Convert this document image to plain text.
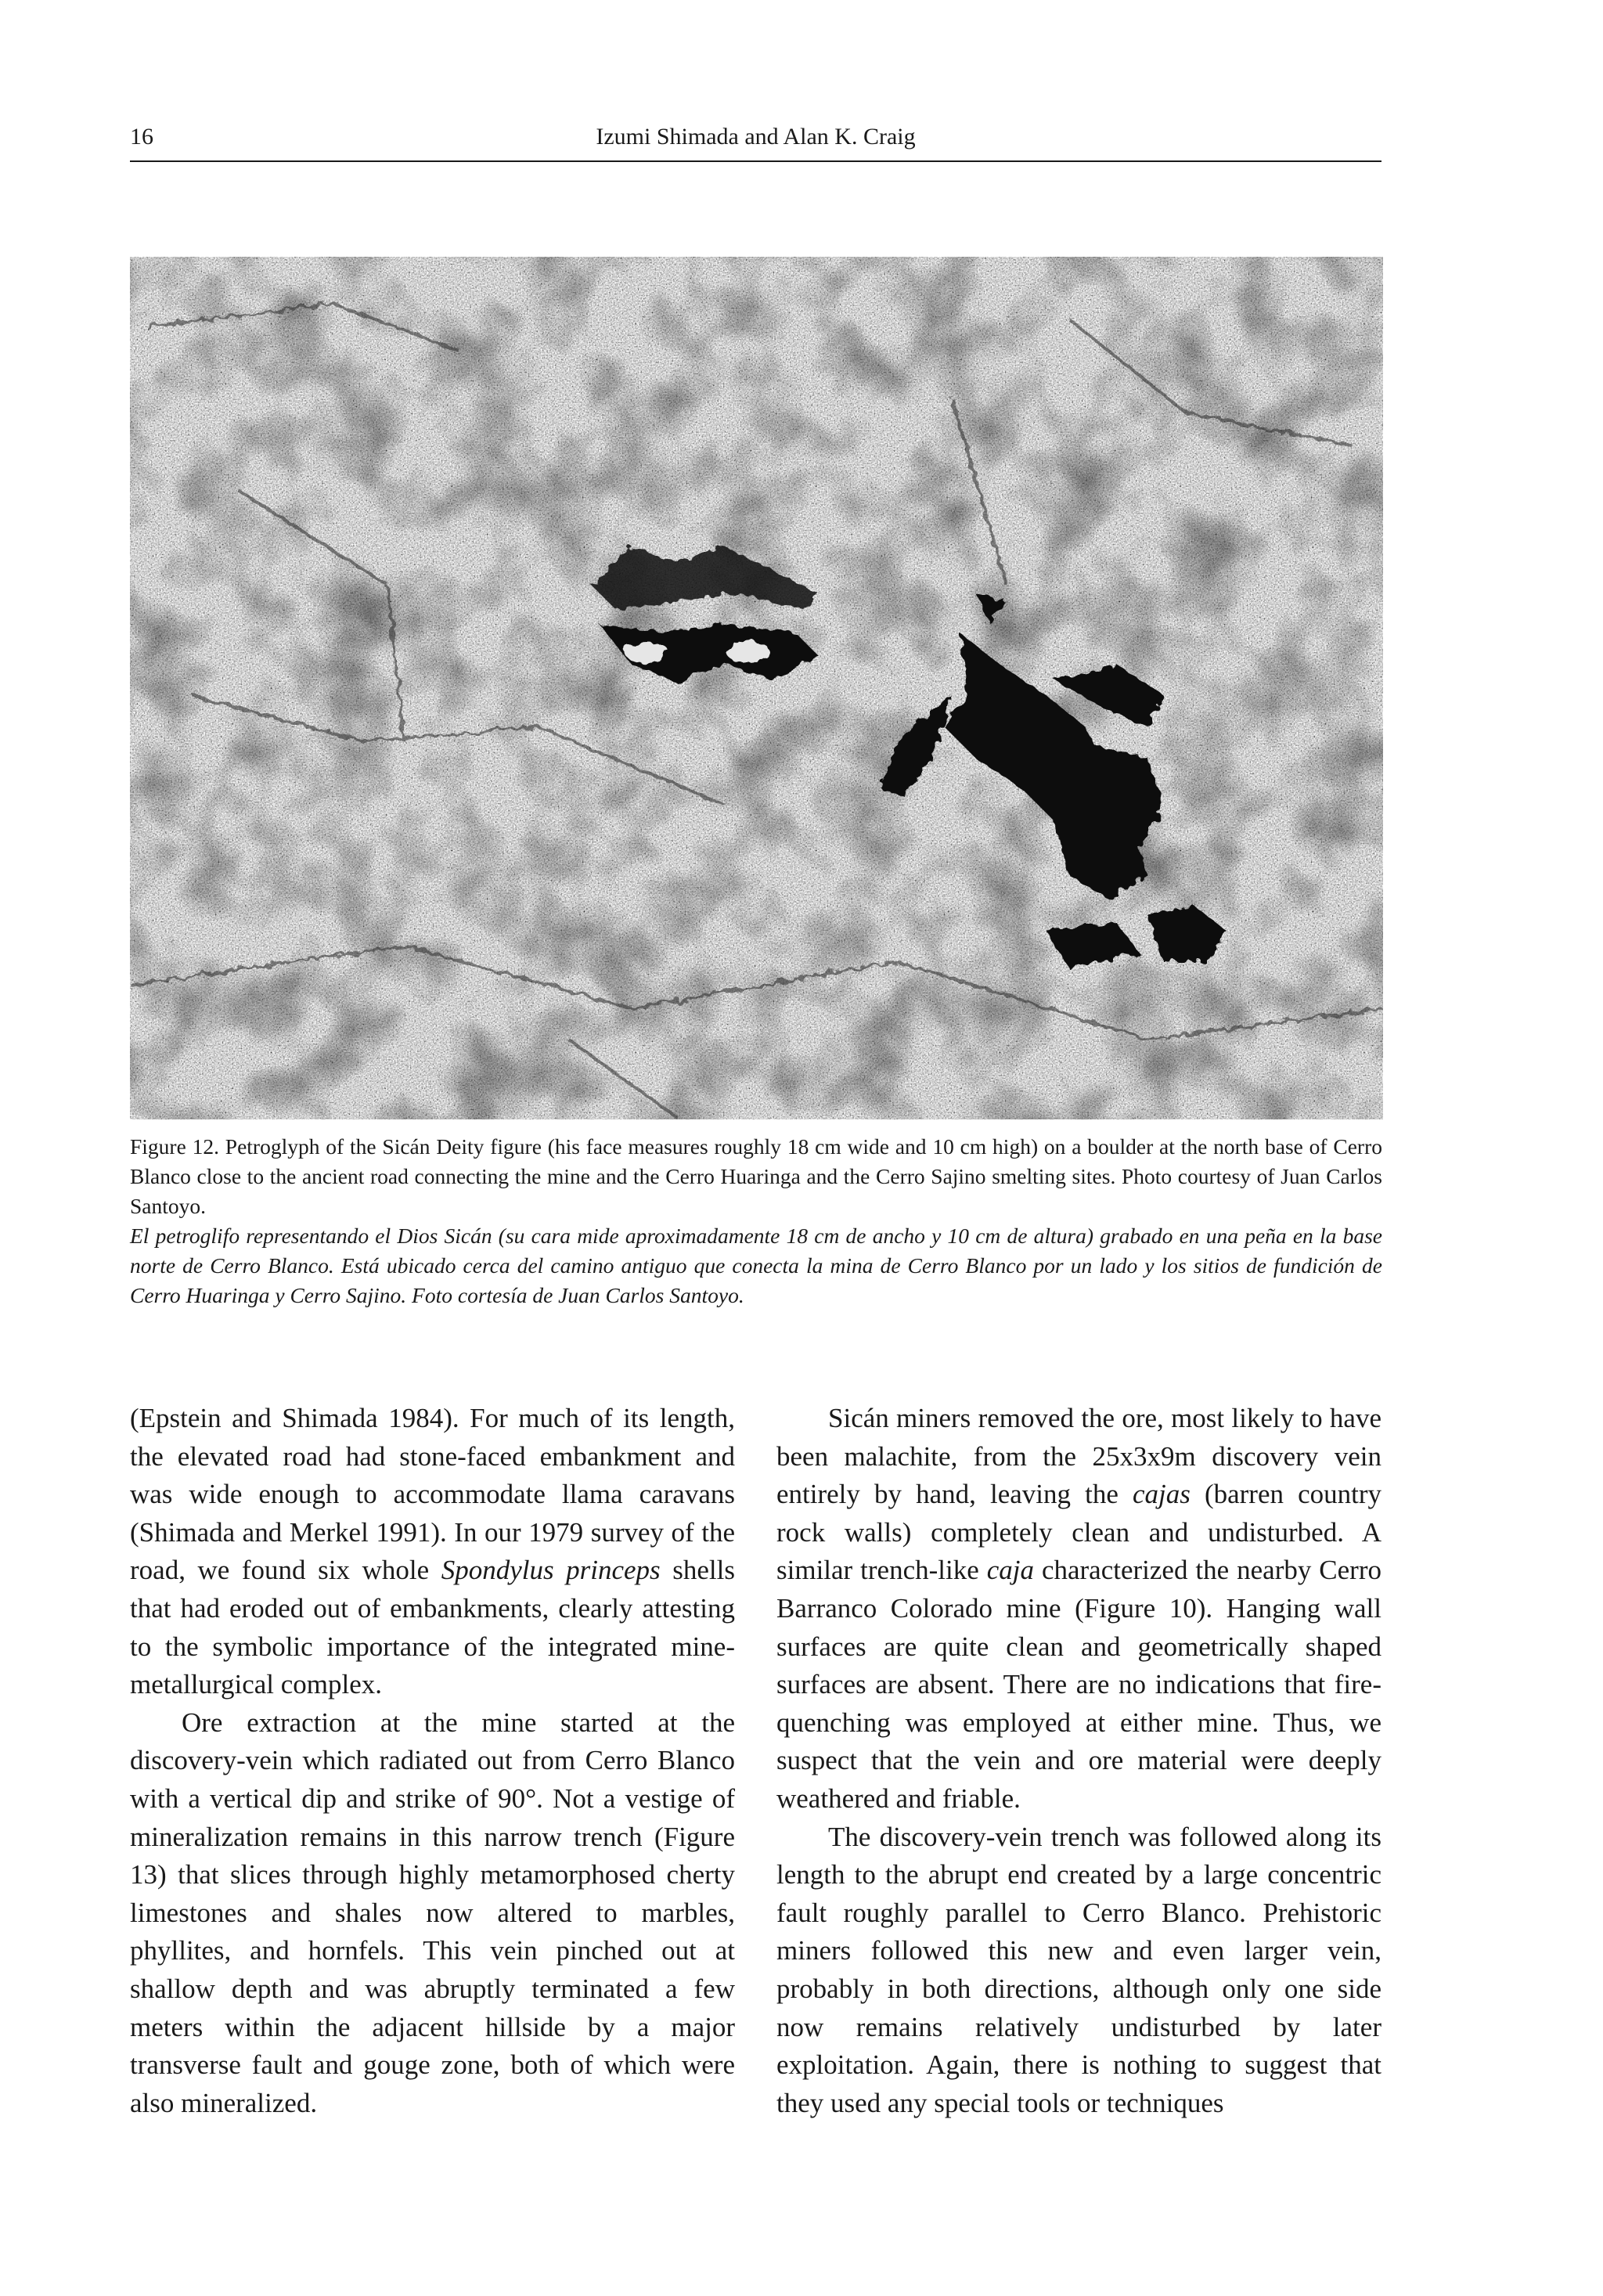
16	Izumi Shimada and Alan K. Craig

Figure 12. Petroglyph of the Sicán Deity figure (his face measures roughly 18 cm wide and 10 cm high) on a boulder at the north base of Cerro Blanco close to the ancient road connecting the mine and the Cerro Huaringa and the Cerro Sajino smelting sites. Photo courtesy of Juan Carlos Santoyo.

El petroglifo representando el Dios Sicán (su cara mide aproximadamente 18 cm de ancho y 10 cm de altura) grabado en una peña en la base norte de Cerro Blanco. Está ubicado cerca del camino antiguo que conecta la mina de Cerro Blanco por un lado y los sitios de fundición de Cerro Huaringa y Cerro Sajino. Foto cortesía de Juan Carlos Santoyo.

(Epstein and Shimada 1984). For much of its length, the elevated road had stone-faced embankment and was wide enough to accommodate llama caravans (Shimada and Merkel 1991). In our 1979 survey of the road, we found six whole Spondylus princeps shells that had eroded out of embankments, clearly attesting to the symbolic importance of the integrated mine-metallurgical complex.

Ore extraction at the mine started at the discovery-vein which radiated out from Cerro Blanco with a vertical dip and strike of 90°. Not a vestige of mineralization remains in this narrow trench (Figure 13) that slices through highly metamorphosed cherty limestones and shales now altered to marbles, phyllites, and hornfels. This vein pinched out at shallow depth and was abruptly terminated a few meters within the adjacent hillside by a major transverse fault and gouge zone, both of which were also mineralized.

Sicán miners removed the ore, most likely to have been malachite, from the 25x3x9m discovery vein entirely by hand, leaving the cajas (barren country rock walls) completely clean and undisturbed. A similar trench-like caja characterized the nearby Cerro Barranco Colorado mine (Figure 10). Hanging wall surfaces are quite clean and geometrically shaped surfaces are absent. There are no indications that fire-quenching was employed at either mine. Thus, we suspect that the vein and ore material were deeply weathered and friable.

The discovery-vein trench was followed along its length to the abrupt end created by a large concentric fault roughly parallel to Cerro Blanco. Prehistoric miners followed this new and even larger vein, probably in both directions, although only one side now remains relatively undisturbed by later exploitation. Again, there is nothing to suggest that they used any special tools or techniques
